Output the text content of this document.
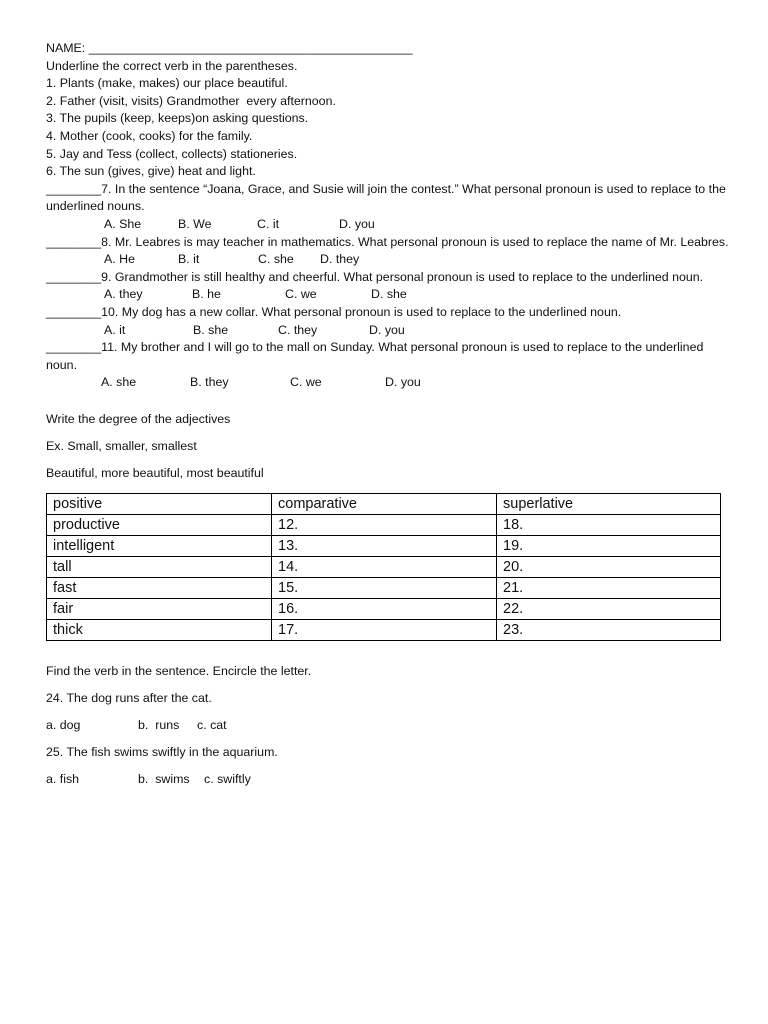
NAME: _______________________________________________
Underline the correct verb in the parentheses.
1. Plants (make, makes) our place beautiful.
2. Father (visit, visits) Grandmother  every afternoon.
3. The pupils (keep, keeps)on asking questions.
4. Mother (cook, cooks) for the family.
5. Jay and Tess (collect, collects) stationeries.
6. The sun (gives, give) heat and light.
________7. In the sentence “Joana, Grace, and Susie will join the contest.” What personal pronoun is used to replace to the underlined nouns.
A. She	B. We	C. it	D. you
________8. Mr. Leabres is may teacher in mathematics. What personal pronoun is used to replace the name of Mr. Leabres.
A. He	B. it	C. she	D. they
________9. Grandmother is still healthy and cheerful. What personal pronoun is used to replace to the underlined noun.
A. they	B. he	C. we	D. she
________10. My dog has a new collar. What personal pronoun is used to replace to the underlined noun.
A. it	B. she	C. they	D. you
________11. My brother and I will go to the mall on Sunday. What personal pronoun is used to replace to the underlined noun.
A. she	B. they	C. we	D. you
Write the degree of the adjectives
Ex. Small, smaller, smallest
Beautiful, more beautiful, most beautiful
positive	comparative	superlative
productive	12.	18.
intelligent	13.	19.
tall	14.	20.
fast	15.	21.
fair	16.	22.
thick	17.	23.
Find the verb in the sentence. Encircle the letter.
24. The dog runs after the cat.
a. dog	b.  runs	c. cat
25. The fish swims swiftly in the aquarium.
a. fish	b.  swims	c. swiftly
